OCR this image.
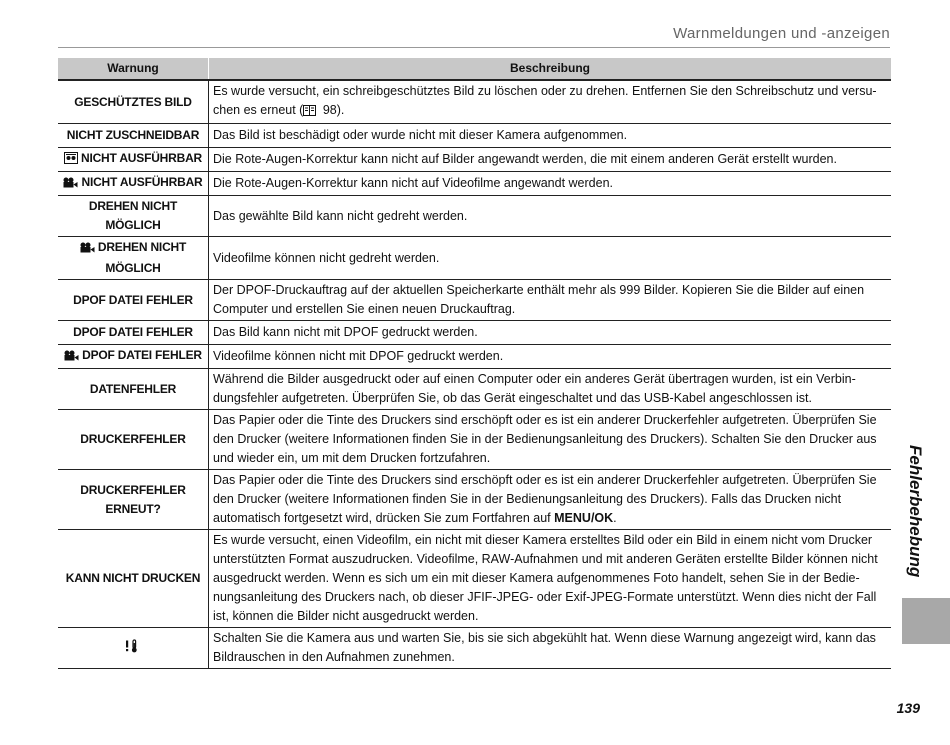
Warnmeldungen und -anzeigen
Warnung	Beschreibung
GESCHÜTZTES BILD	Es wurde versucht, ein schreibgeschütztes Bild zu löschen oder zu drehen. Entfernen Sie den Schreibschutz und versu-chen es erneut ( 98).
NICHT ZUSCHNEIDBAR	Das Bild ist beschädigt oder wurde nicht mit dieser Kamera aufgenommen.
NICHT AUSFÜHRBAR	Die Rote-Augen-Korrektur kann nicht auf Bilder angewandt werden, die mit einem anderen Gerät erstellt wurden.
NICHT AUSFÜHRBAR	Die Rote-Augen-Korrektur kann nicht auf Videofilme angewandt werden.
DREHEN NICHT MÖGLICH	Das gewählte Bild kann nicht gedreht werden.
DREHEN NICHT MÖGLICH	Videofilme können nicht gedreht werden.
DPOF DATEI FEHLER	Der DPOF-Druckauftrag auf der aktuellen Speicherkarte enthält mehr als 999 Bilder. Kopieren Sie die Bilder auf einen Computer und erstellen Sie einen neuen Druckauftrag.
DPOF DATEI FEHLER	Das Bild kann nicht mit DPOF gedruckt werden.
DPOF DATEI FEHLER	Videofilme können nicht mit DPOF gedruckt werden.
DATENFEHLER	Während die Bilder ausgedruckt oder auf einen Computer oder ein anderes Gerät übertragen wurden, ist ein Verbin-dungsfehler aufgetreten. Überprüfen Sie, ob das Gerät eingeschaltet und das USB-Kabel angeschlossen ist.
DRUCKERFEHLER	Das Papier oder die Tinte des Druckers sind erschöpft oder es ist ein anderer Druckerfehler aufgetreten. Überprüfen Sie den Drucker (weitere Informationen finden Sie in der Bedienungsanleitung des Druckers). Schalten Sie den Drucker aus und wieder ein, um mit dem Drucken fortzufahren.
DRUCKERFEHLER ERNEUT?	Das Papier oder die Tinte des Druckers sind erschöpft oder es ist ein anderer Druckerfehler aufgetreten. Überprüfen Sie den Drucker (weitere Informationen finden Sie in der Bedienungsanleitung des Druckers). Falls das Drucken nicht automatisch fortgesetzt wird, drücken Sie zum Fortfahren auf MENU/OK.
KANN NICHT DRUCKEN	Es wurde versucht, einen Videofilm, ein nicht mit dieser Kamera erstelltes Bild oder ein Bild in einem nicht vom Drucker unterstützten Format auszudrucken. Videofilme, RAW-Aufnahmen und mit anderen Geräten erstellte Bilder können nicht ausgedruckt werden. Wenn es sich um ein mit dieser Kamera aufgenommenes Foto handelt, sehen Sie in der Bedie-nungsanleitung des Druckers nach, ob dieser JFIF-JPEG- oder Exif-JPEG-Formate unterstützt. Wenn dies nicht der Fall ist, können die Bilder nicht ausgedruckt werden.
	Schalten Sie die Kamera aus und warten Sie, bis sie sich abgekühlt hat. Wenn diese Warnung angezeigt wird, kann das Bildrauschen in den Aufnahmen zunehmen.
Fehlerbehebung
139
